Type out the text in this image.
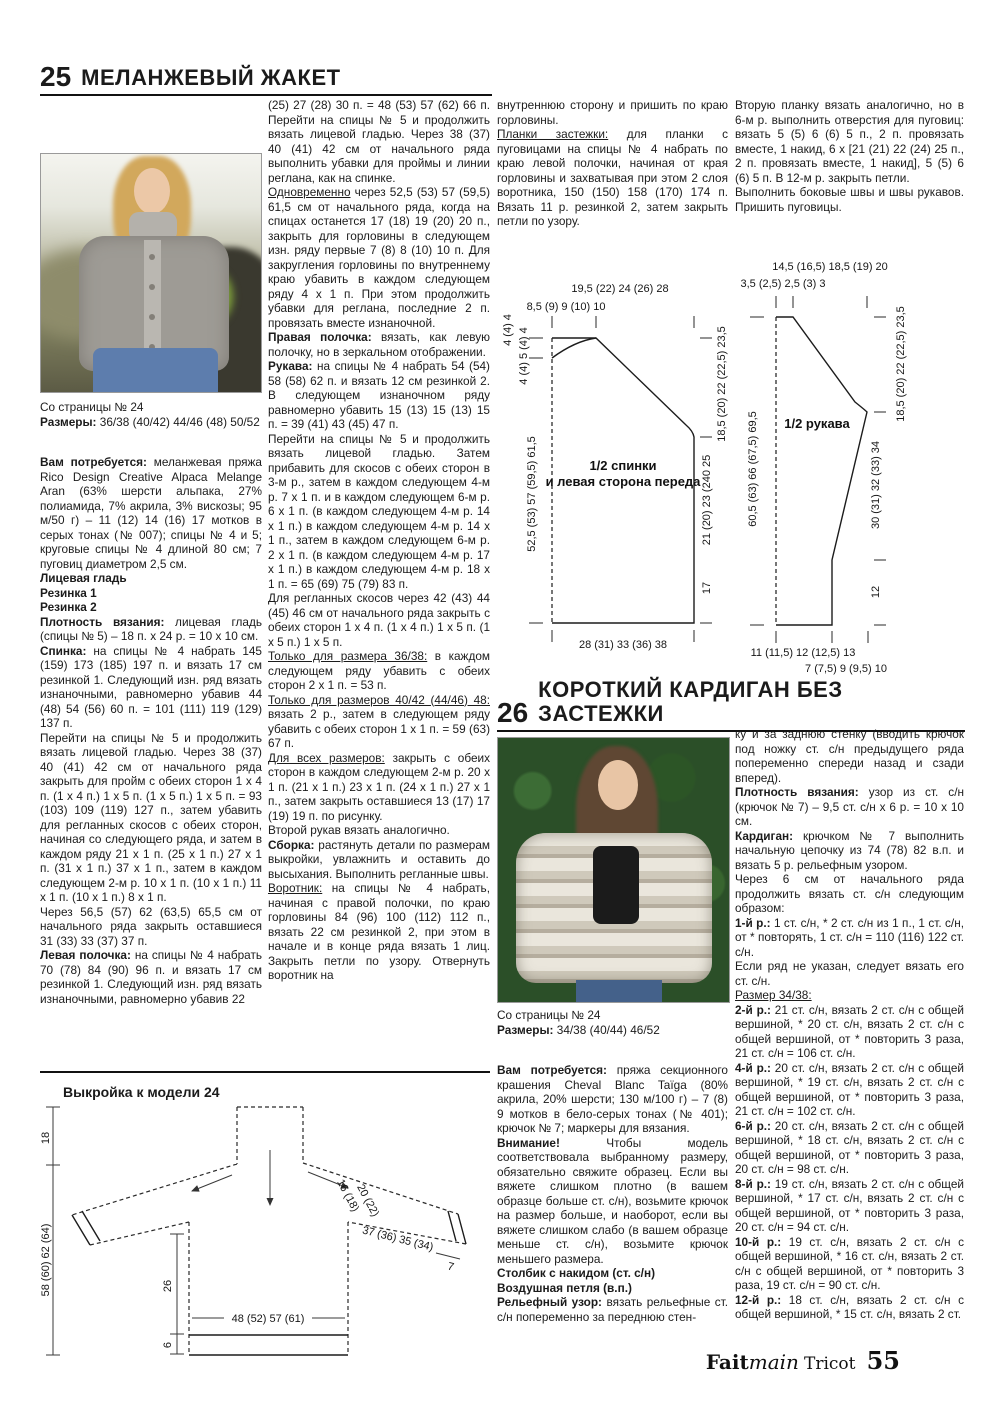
25 МЕЛАНЖЕВЫЙ ЖАКЕТ

Со страницы № 24

Размеры: 36/38 (40/42) 44/46 (48) 50/52

Вам потребуется: меланжевая пряжа Rico Design Creative Alpaca Melange Aran (63% шерсти альпака, 27% полиамида, 7% акрила, 3% вискозы; 95 м/50 г) – 11 (12) 14 (16) 17 мотков в серых тонах (№ 007); спицы № 4 и 5; круговые спицы № 4 длиной 80 см; 7 пуговиц диаметром 2,5 см.

Лицевая гладь

Резинка 1

Резинка 2

Плотность вязания: лицевая гладь (спицы № 5) – 18 п. х 24 р. = 10 х 10 см.

Спинка: на спицы № 4 набрать 145 (159) 173 (185) 197 п. и вязать 17 см резинкой 1. Следующий изн. ряд вязать изнаночными, равномерно убавив 44 (48) 54 (56) 60 п. = 101 (111) 119 (129) 137 п.

Перейти на спицы № 5 и продолжить вязать лицевой гладью. Через 38 (37) 40 (41) 42 см от начального ряда закрыть для пройм с обеих сторон 1 х 4 п. (1 х 4 п.) 1 х 5 п. (1 х 5 п.) 1 х 5 п. = 93 (103) 109 (119) 127 п., затем убавить для регланных скосов с обеих сторон, начиная со следующего ряда, и затем в каждом ряду 21 х 1 п. (25 х 1 п.) 27 х 1 п. (31 х 1 п.) 37 х 1 п., затем в каждом следующем 2-м р. 10 х 1 п. (10 х 1 п.) 11 х 1 п. (10 х 1 п.) 8 х 1 п.

Через 56,5 (57) 62 (63,5) 65,5 см от начального ряда закрыть оставшиеся 31 (33) 33 (37) 37 п.

Левая полочка: на спицы № 4 набрать 70 (78) 84 (90) 96 п. и вязать 17 см резинкой 1. Следующий изн. ряд вязать изнаночными, равномерно убавив 22

(25) 27 (28) 30 п. = 48 (53) 57 (62) 66 п. Перейти на спицы № 5 и продолжить вязать лицевой гладью. Через 38 (37) 40 (41) 42 см от начального ряда выполнить убавки для проймы и линии реглана, как на спинке.

Одновременно через 52,5 (53) 57 (59,5) 61,5 см от начального ряда, когда на спицах останется 17 (18) 19 (20) 20 п., закрыть для горловины в следующем изн. ряду первые 7 (8) 8 (10) 10 п. Для закругления горловины по внутреннему краю убавить в каждом следующем ряду 4 х 1 п. При этом продолжить убавки для реглана, последние 2 п. провязать вместе изнаночной.

Правая полочка: вязать, как левую полочку, но в зеркальном отображении.

Рукава: на спицы № 4 набрать 54 (54) 58 (58) 62 п. и вязать 12 см резинкой 2. В следующем изнаночном ряду равномерно убавить 15 (13) 15 (13) 15 п. = 39 (41) 43 (45) 47 п.

Перейти на спицы № 5 и продолжить вязать лицевой гладью. Затем прибавить для скосов с обеих сторон в 3-м р., затем в каждом следующем 4-м р. 7 х 1 п. и в каждом следующем 6-м р. 6 х 1 п. (в каждом следующем 4-м р. 14 х 1 п.) в каждом следующем 4-м р. 14 х 1 п., затем в каждом следующем 6-м р. 2 х 1 п. (в каждом следующем 4-м р. 17 х 1 п.) в каждом следующем 4-м р. 18 х 1 п. = 65 (69) 75 (79) 83 п.

Для регланных скосов через 42 (43) 44 (45) 46 см от начального ряда закрыть с обеих сторон 1 х 4 п. (1 х 4 п.) 1 х 5 п. (1 х 5 п.) 1 х 5 п.

Только для размера 36/38: в каждом следующем ряду убавить с обеих сторон 2 х 1 п. = 53 п.

Только для размеров 40/42 (44/46) 48: вязать 2 р., затем в следующем ряду убавить с обеих сторон 1 х 1 п. = 59 (63) 67 п.

Для всех размеров: закрыть с обеих сторон в каждом следующем 2-м р. 20 х 1 п. (21 х 1 п.) 23 х 1 п. (24 х 1 п.) 27 х 1 п., затем закрыть оставшиеся 13 (17) 17 (19) 19 п. по рисунку.

Второй рукав вязать аналогично.

Сборка: растянуть детали по размерам выкройки, увлажнить и оставить до высыхания. Выполнить регланные швы.

Воротник: на спицы № 4 набрать, начиная с правой полочки, по краю горловины 84 (96) 100 (112) 112 п., вязать 22 см резинкой 2, при этом в начале и в конце ряда вязать 1 лиц. Закрыть петли по узору. Отвернуть воротник на

внутреннюю сторону и пришить по краю горловины.

Планки застежки: для планки с пуговицами на спицы № 4 набрать по краю левой полочки, начиная от края горловины и захватывая при этом 2 слоя воротника, 150 (150) 158 (170) 174 п. Вязать 11 р. резинкой 2, затем закрыть петли по узору.

Вторую планку вязать аналогично, но в 6-м р. выполнить отверстия для пуговиц: вязать 5 (5) 6 (6) 5 п., 2 п. провязать вместе, 1 накид, 6 х [21 (21) 22 (24) 25 п., 2 п. провязать вместе, 1 накид], 5 (5) 6 (6) 5 п. В 12-м р. закрыть петли.

Выполнить боковые швы и швы рукавов. Пришить пуговицы.

19,5 (22) 24 (26) 28
8,5 (9) 9 (10) 10
4 (4) 4 4 (4) 5 (4) 4
52,5 (53) 57 (59,5) 61,5
18,5 (20) 22 (22,5) 23,5
21 (20) 23 (240 25
17
28 (31) 33 (36) 38
1/2 спинки
и левая сторона переда
14,5 (16,5) 18,5 (19) 20
3,5 (2,5) 2,5 (3) 3
60,5 (63) 66 (67,5) 69,5
18,5 (20) 22 (22,5) 23,5
30 (31) 32 (33) 34
12
11 (11,5) 12 (12,5) 13
7 (7,5) 9 (9,5) 10
1/2 рукава
26
КОРОТКИЙ КАРДИГАН БЕЗ ЗАСТЕЖКИ

Со страницы № 24

Размеры: 34/38 (40/44) 46/52

Вам потребуется: пряжа секционного крашения Cheval Blanc Taïga (80% акрила, 20% шерсти; 130 м/100 г) – 7 (8) 9 мотков в бело-серых тонах (№ 401); крючок № 7; маркеры для вязания.

Внимание! Чтобы модель соответствовала выбранному размеру, обязательно свяжите образец. Если вы вяжете слишком плотно (в вашем образце больше ст. с/н), возьмите крючок на размер больше, и наоборот, если вы вяжете слишком слабо (в вашем образце меньше ст. с/н), возьмите крючок меньшего размера.

Столбик с накидом (ст. с/н)

Воздушная петля (в.п.)

Рельефный узор: вязать рельефные ст. с/н попеременно за переднюю стен-

ку и за заднюю стенку (вводить крючок под ножку ст. с/н предыдущего ряда попеременно спереди назад и сзади вперед).

Плотность вязания: узор из ст. с/н (крючок № 7) – 9,5 ст. с/н х 6 р. = 10 х 10 см.

Кардиган: крючком № 7 выполнить начальную цепочку из 74 (78) 82 в.п. и вязать 5 р. рельефным узором.

Через 6 см от начального ряда продолжить вязать ст. с/н следующим образом:

1-й р.: 1 ст. с/н, * 2 ст. с/н из 1 п., 1 ст. с/н, от * повторять, 1 ст. с/н = 110 (116) 122 ст. с/н.

Если ряд не указан, следует вязать его ст. с/н.

Размер 34/38:

2-й р.: 21 ст. с/н, вязать 2 ст. с/н с общей вершиной, * 20 ст. с/н, вязать 2 ст. с/н с общей вершиной, от * повторить 3 раза, 21 ст. с/н = 106 ст. с/н.

4-й р.: 20 ст. с/н, вязать 2 ст. с/н с общей вершиной, * 19 ст. с/н, вязать 2 ст. с/н с общей вершиной, от * повторить 3 раза, 21 ст. с/н = 102 ст. с/н.

6-й р.: 20 ст. с/н, вязать 2 ст. с/н с общей вершиной, * 18 ст. с/н, вязать 2 ст. с/н с общей вершиной, от * повторить 3 раза, 20 ст. с/н = 98 ст. с/н.

8-й р.: 19 ст. с/н, вязать 2 ст. с/н с общей вершиной, * 17 ст. с/н, вязать 2 ст. с/н с общей вершиной, от * повторить 3 раза, 20 ст. с/н = 94 ст. с/н.

10-й р.: 19 ст. с/н, вязать 2 ст. с/н с общей вершиной, * 16 ст. с/н, вязать 2 ст. с/н с общей вершиной, от * повторить 3 раза, 19 ст. с/н = 90 ст. с/н.

12-й р.: 18 ст. с/н, вязать 2 ст. с/н с общей вершиной, * 15 ст. с/н, вязать 2 ст.

Выкройка к модели 24
18
58 (60) 62 (64)	26
6
48 (52) 57 (61)
16 (18)
20 (22)
37 (36) 35 (34)
7
Faitmain Tricot 55
